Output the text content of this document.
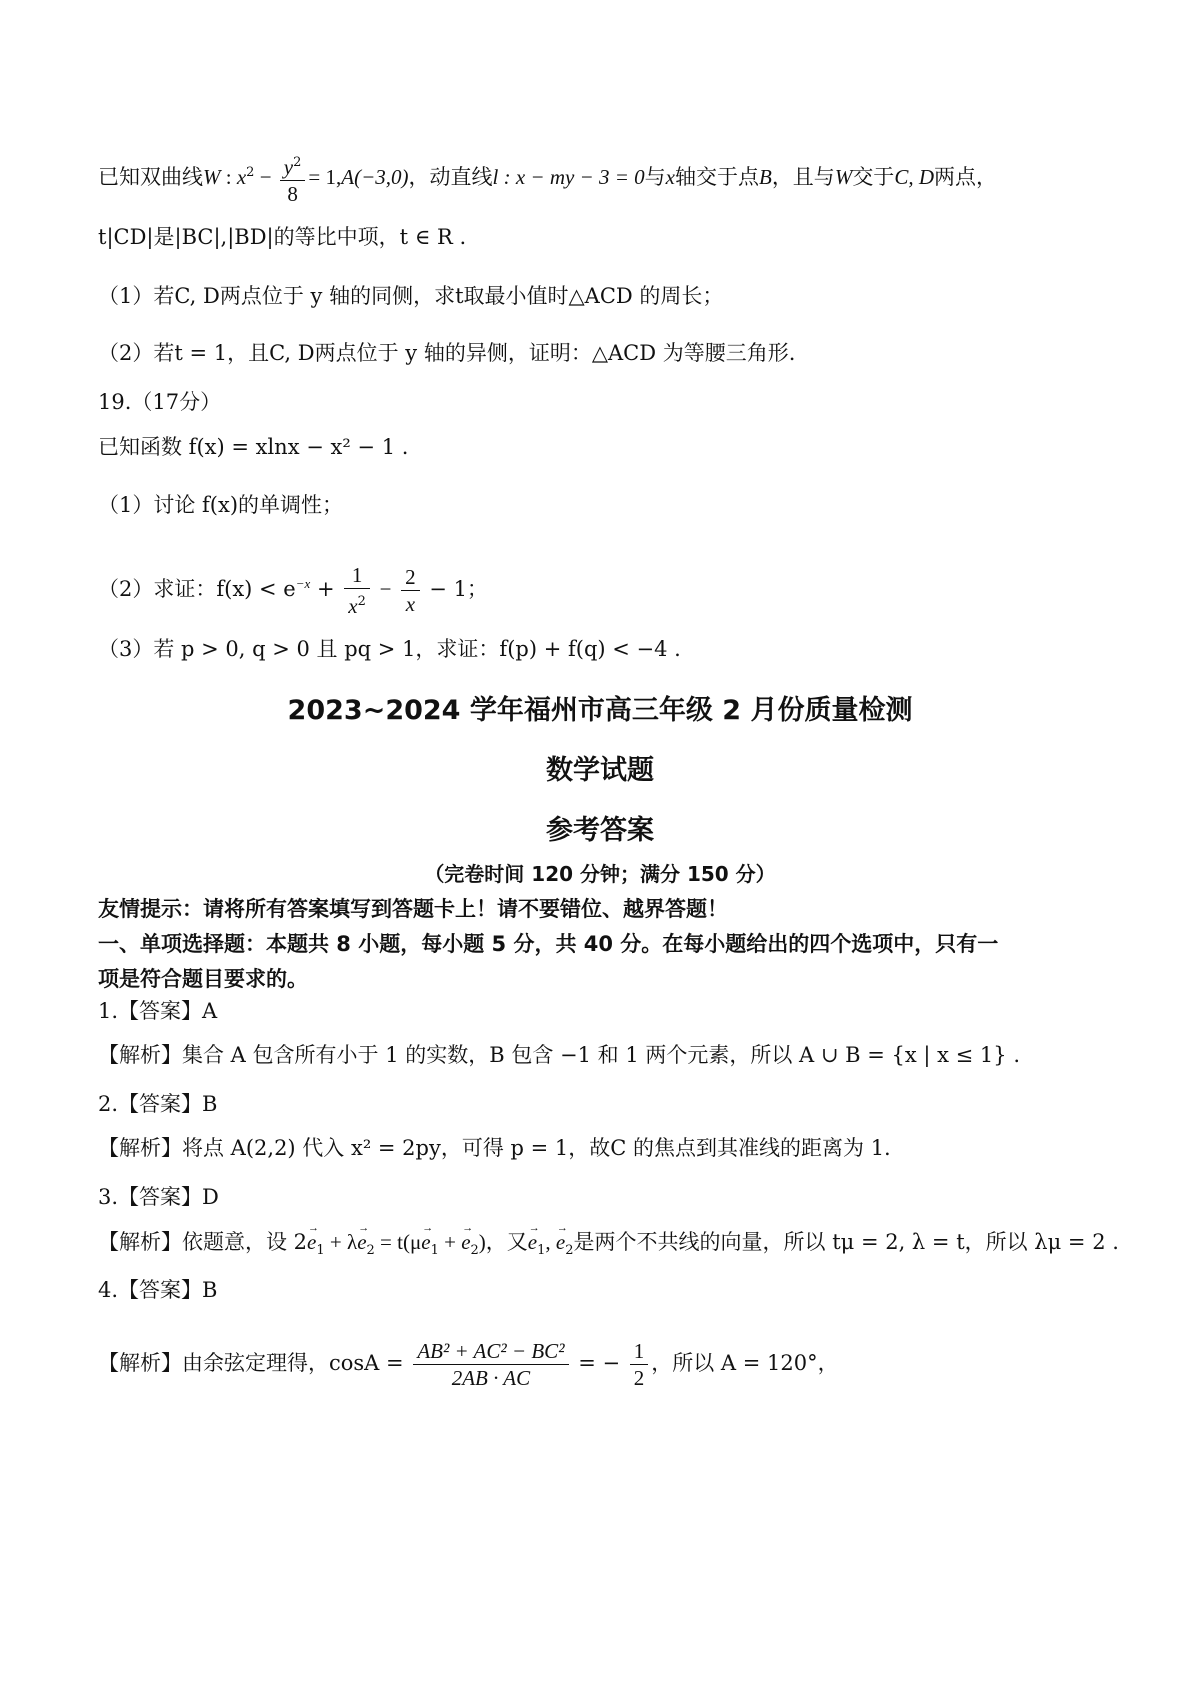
已知双曲线W : $x^2 - \frac{y^2}{8} = 1,A(-3,0)$，动直线l : x − my − 3 = 0与x轴交于点B，且与W交于C, D两点，
t|CD|是|BC|,|BD|的等比中项，t ∈ R .
（1）若C, D两点位于 y 轴的同侧，求t取最小值时△ACD 的周长；
（2）若t = 1，且C, D两点位于 y 轴的异侧，证明：△ACD 为等腰三角形.
19.（17分）
已知函数 f(x) = xlnx − x² − 1 .
（1）讨论 f(x)的单调性；
（2）求证：$f(x) < e^{-x} + \frac{1}{x^2} - \frac{2}{x} - 1$；
（3）若 p > 0, q > 0 且 pq > 1，求证：f(p) + f(q) < −4 .
2023~2024 学年福州市高三年级 2 月份质量检测
数学试题
参考答案
（完卷时间 120 分钟；满分 150 分）
友情提示：请将所有答案填写到答题卡上！请不要错位、越界答题！
一、单项选择题：本题共 8 小题，每小题 5 分，共 40 分。在每小题给出的四个选项中，只有一
项是符合题目要求的。
1.【答案】A
【解析】集合 A 包含所有小于 1 的实数，B 包含 −1 和 1 两个元素，所以 A ∪ B = {x | x ≤ 1} .
2.【答案】B
【解析】将点 A(2,2) 代入 x² = 2py，可得 p = 1，故C 的焦点到其准线的距离为 1.
3.【答案】D
【解析】依题意，设 $2\to e_1 + \lambda\to e_2 = t(\mu\to e_1$ + → $e_2$)，又→ $e_1$, → $e_2$是两个不共线的向量，所以 tμ = 2, λ = t，所以 λμ = 2 .
4.【答案】B
【解析】由余弦定理得，$\cos A = \frac{\text{AB² + AC² − BC²}}{2AB \cdot AC}$ = − $\frac{1}{2}$ ，所以 A = 120°，
